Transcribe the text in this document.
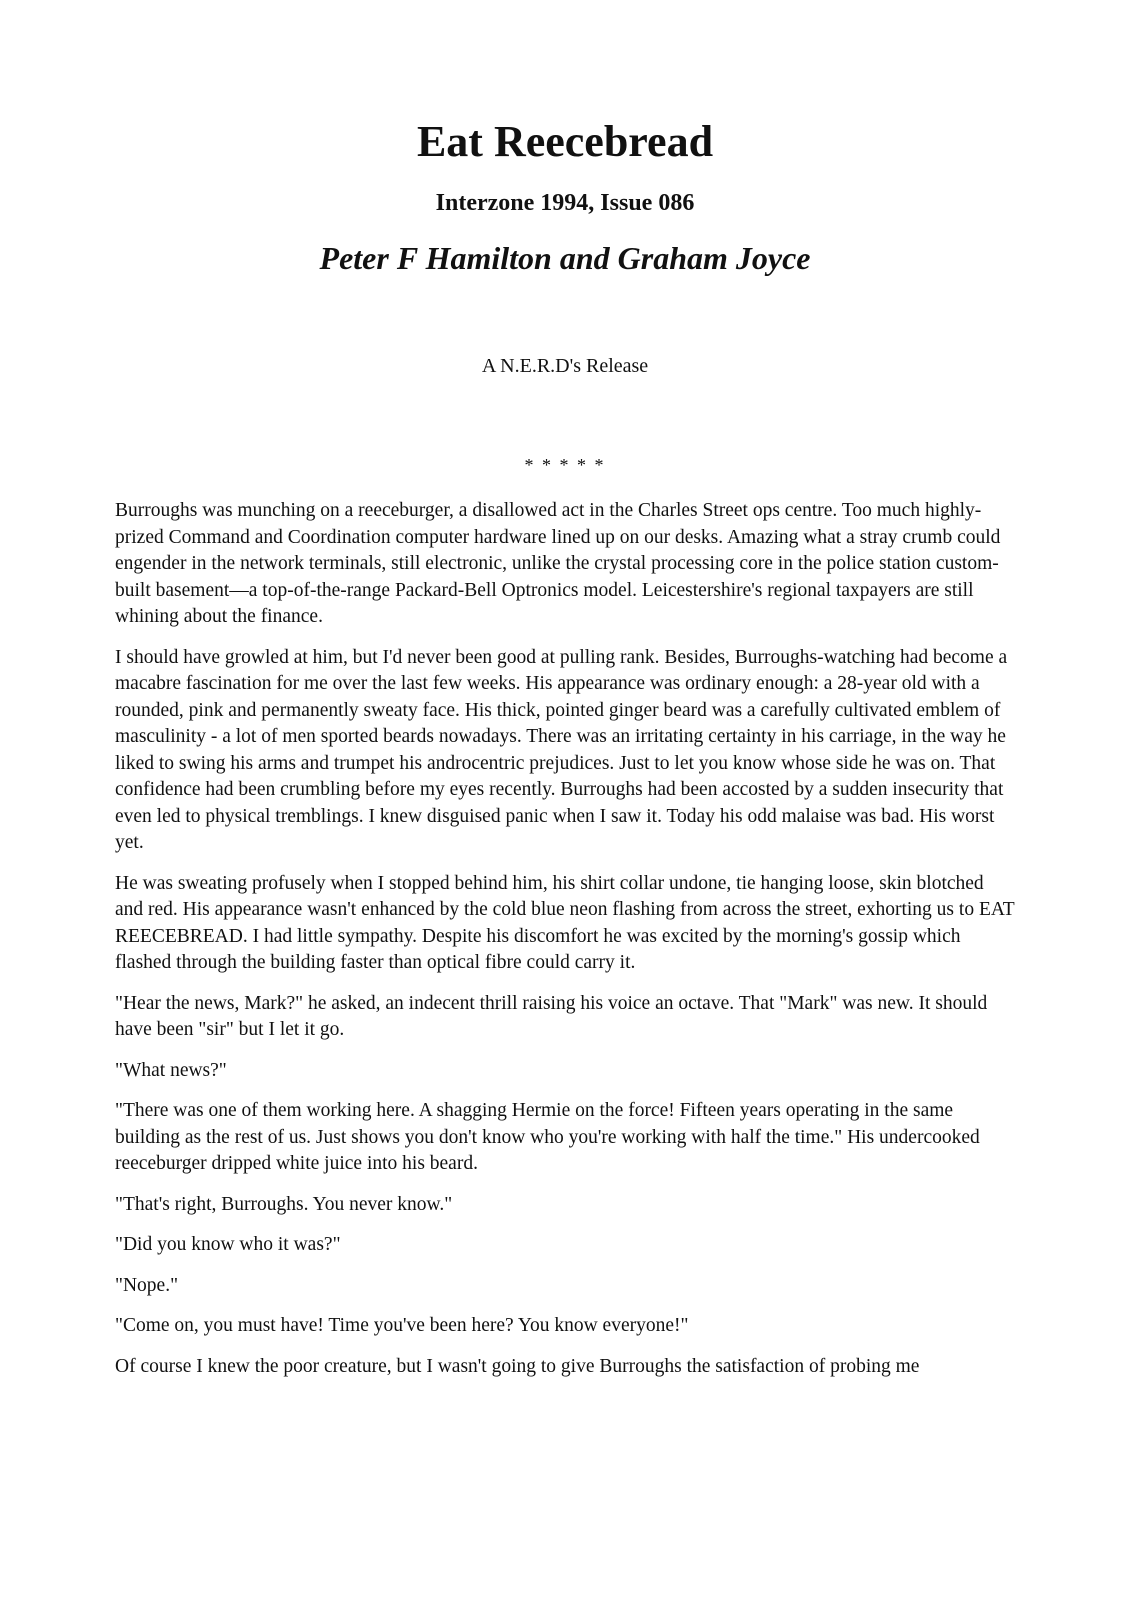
Eat Reecebread
Interzone 1994, Issue 086
Peter F Hamilton and Graham Joyce
A N.E.R.D's Release
* * * * *

Burroughs was munching on a reeceburger, a disallowed act in the Charles Street ops centre. Too much highly-prized Command and Coordination computer hardware lined up on our desks. Amazing what a stray crumb could engender in the network terminals, still electronic, unlike the crystal processing core in the police station custom-built basement—a top-of-the-range Packard-Bell Optronics model. Leicestershire's regional taxpayers are still whining about the finance.

I should have growled at him, but I'd never been good at pulling rank. Besides, Burroughs-watching had become a macabre fascination for me over the last few weeks. His appearance was ordinary enough: a 28-year old with a rounded, pink and permanently sweaty face. His thick, pointed ginger beard was a carefully cultivated emblem of masculinity - a lot of men sported beards nowadays. There was an irritating certainty in his carriage, in the way he liked to swing his arms and trumpet his androcentric prejudices. Just to let you know whose side he was on. That confidence had been crumbling before my eyes recently. Burroughs had been accosted by a sudden insecurity that even led to physical tremblings. I knew disguised panic when I saw it. Today his odd malaise was bad. His worst yet.

He was sweating profusely when I stopped behind him, his shirt collar undone, tie hanging loose, skin blotched and red. His appearance wasn't enhanced by the cold blue neon flashing from across the street, exhorting us to EAT REECEBREAD. I had little sympathy. Despite his discomfort he was excited by the morning's gossip which flashed through the building faster than optical fibre could carry it.

"Hear the news, Mark?" he asked, an indecent thrill raising his voice an octave. That "Mark" was new. It should have been "sir" but I let it go.

"What news?"

"There was one of them working here. A shagging Hermie on the force! Fifteen years operating in the same building as the rest of us. Just shows you don't know who you're working with half the time." His undercooked reeceburger dripped white juice into his beard.

"That's right, Burroughs. You never know."

"Did you know who it was?"

"Nope."

"Come on, you must have! Time you've been here? You know everyone!"

Of course I knew the poor creature, but I wasn't going to give Burroughs the satisfaction of probing me
